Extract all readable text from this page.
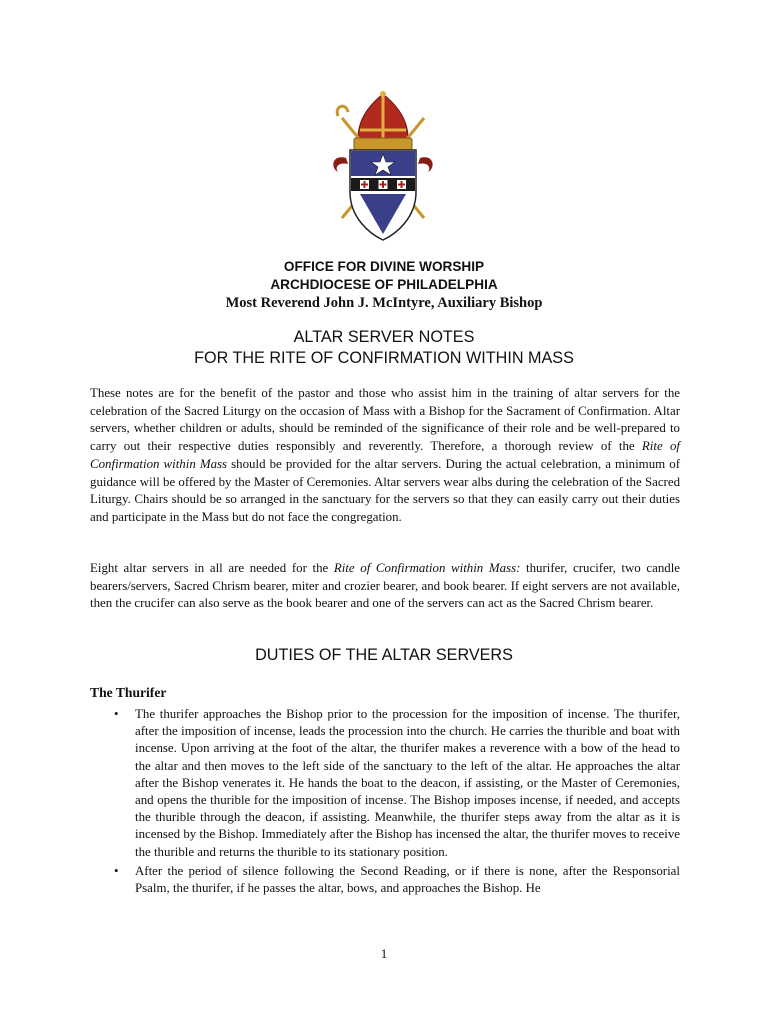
OFFICE FOR DIVINE WORSHIP
ARCHDIOCESE OF PHILADELPHIA
Most Reverend John J. McIntyre, Auxiliary Bishop
ALTAR SERVER NOTES
FOR THE RITE OF CONFIRMATION WITHIN MASS
These notes are for the benefit of the pastor and those who assist him in the training of altar servers for the celebration of the Sacred Liturgy on the occasion of Mass with a Bishop for the Sacrament of Confirmation. Altar servers, whether children or adults, should be reminded of the significance of their role and be well-prepared to carry out their respective duties responsibly and reverently. Therefore, a thorough review of the Rite of Confirmation within Mass should be provided for the altar servers. During the actual celebration, a minimum of guidance will be offered by the Master of Ceremonies. Altar servers wear albs during the celebration of the Sacred Liturgy. Chairs should be so arranged in the sanctuary for the servers so that they can easily carry out their duties and participate in the Mass but do not face the congregation.
Eight altar servers in all are needed for the Rite of Confirmation within Mass: thurifer, crucifer, two candle bearers/servers, Sacred Chrism bearer, miter and crozier bearer, and book bearer. If eight servers are not available, then the crucifer can also serve as the book bearer and one of the servers can act as the Sacred Chrism bearer.
DUTIES OF THE ALTAR SERVERS
The Thurifer
• The thurifer approaches the Bishop prior to the procession for the imposition of incense. The thurifer, after the imposition of incense, leads the procession into the church. He carries the thurible and boat with incense. Upon arriving at the foot of the altar, the thurifer makes a reverence with a bow of the head to the altar and then moves to the left side of the sanctuary to the left of the altar. He approaches the altar after the Bishop venerates it. He hands the boat to the deacon, if assisting, or the Master of Ceremonies, and opens the thurible for the imposition of incense. The Bishop imposes incense, if needed, and accepts the thurible through the deacon, if assisting. Meanwhile, the thurifer steps away from the altar as it is incensed by the Bishop. Immediately after the Bishop has incensed the altar, the thurifer moves to receive the thurible and returns the thurible to its stationary position.
• After the period of silence following the Second Reading, or if there is none, after the Responsorial Psalm, the thurifer, if he passes the altar, bows, and approaches the Bishop. He
1
